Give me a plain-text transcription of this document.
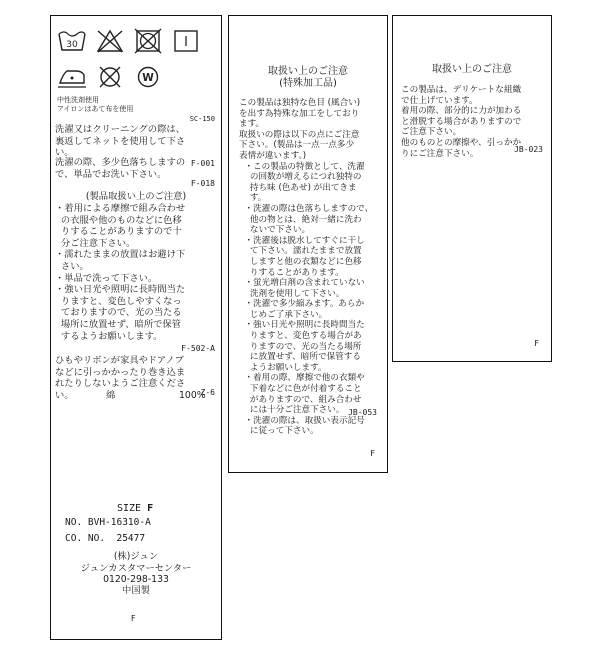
30
W
中性洗剤使用
アイロンはあて布を使用
SC-150
洗濯又はクリーニングの際は、
裏返してネットを使用して下さ
い。
F-001
洗濯の際、多少色落ちしますの
で、単品でお洗い下さい。
F-018
(製品取扱い上のご注意)
・着用による摩擦で組み合わせ
の衣服や他のものなどに色移
りすることがありますので十
分ご注意下さい。
・濡れたままの放置はお避け下
さい。
・単品で洗って下さい。
・強い日光や照明に長時間当た
りますと、変色しやすくなっ
ておりますので、光の当たる
場所に放置せず、暗所で保管
するようお願いします。
F-502-A
ひもやリボンが家具やドアノブ
などに引っかかったり巻き込ま
れたりしないようご注意くださ
い。	Z-6
綿	100%
SIZE F
NO. BVH-16310-A
CO. NO.  25477
(株)ジュン
ジュンカスタマーセンター
0120-298-133
中国製
F
取扱い上のご注意
(特殊加工品)
この製品は独特な色目 (風合い)
を出す為特殊な加工をしており
ます。
取扱いの際は以下の点にご注意
下さい。(製品は一点一点多少
表情が違います。)
・この製品の特徴として、洗濯
の回数が増えるにつれ独特の
持ち味 (色あせ) が出てきま
す。
・洗濯の際は色落ちしますので、
他の物とは、絶対一緒に洗わ
ないで下さい。
・洗濯後は脱水してすぐに干し
て下さい。濡れたままで放置
しますと他の衣類などに色移
りすることがあります。
・蛍光増白剤の含まれていない
洗剤を使用して下さい。
・洗濯で多少縮みます。あらか
じめご了承下さい。
・強い日光や照明に長時間当た
りますと、変色する場合があ
りますので、光の当たる場所
に放置せず、暗所で保管する
ようお願いします。
・着用の際、摩擦で他の衣類や
下着などに色が付着すること
がありますので、組み合わせ
には十分ご注意下さい。
・洗濯の際は、取扱い表示記号
に従って下さい。
JB-053
F
取扱い上のご注意
この製品は、デリケートな組織
で仕上げています。
着用の際、部分的に力が加わる
と滑脱する場合がありますので
ご注意下さい。
他のものとの摩擦や、引っかか
りにご注意下さい。	JB-023
F
